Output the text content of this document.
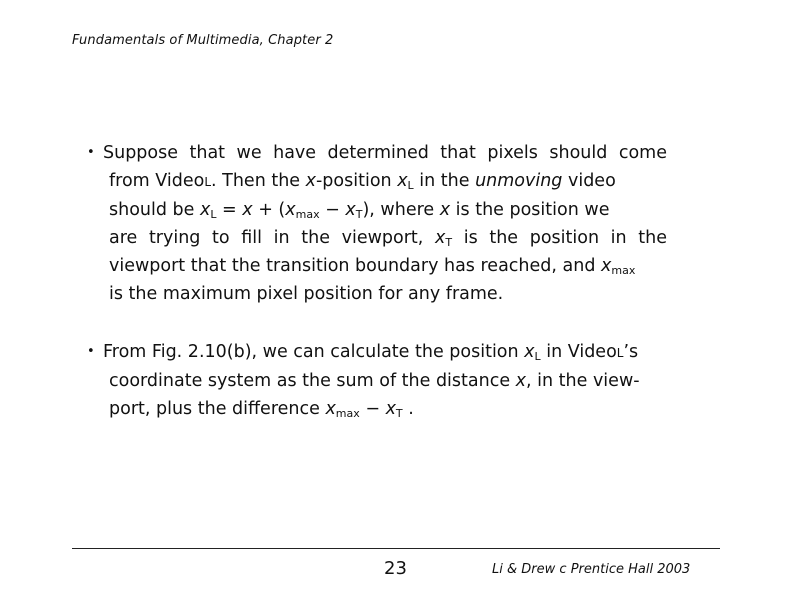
Fundamentals of Multimedia, Chapter 2
• Suppose that we have determined that pixels should come
from VideoL. Then the x-position $x_L$ in the unmoving video
should be $x_L = x + (x_{max} - x_T)$, where x is the position we
are trying to fill in the viewport, $x_T$ is the position in the
viewport that the transition boundary has reached, and $x_{max}$
is the maximum pixel position for any frame.
• From Fig. 2.10(b), we can calculate the position $x_L$ in VideoL’s
coordinate system as the sum of the distance x, in the view-
port, plus the difference $x_{max} - x_T$ .
23	Li & Drew c Prentice Hall 2003
